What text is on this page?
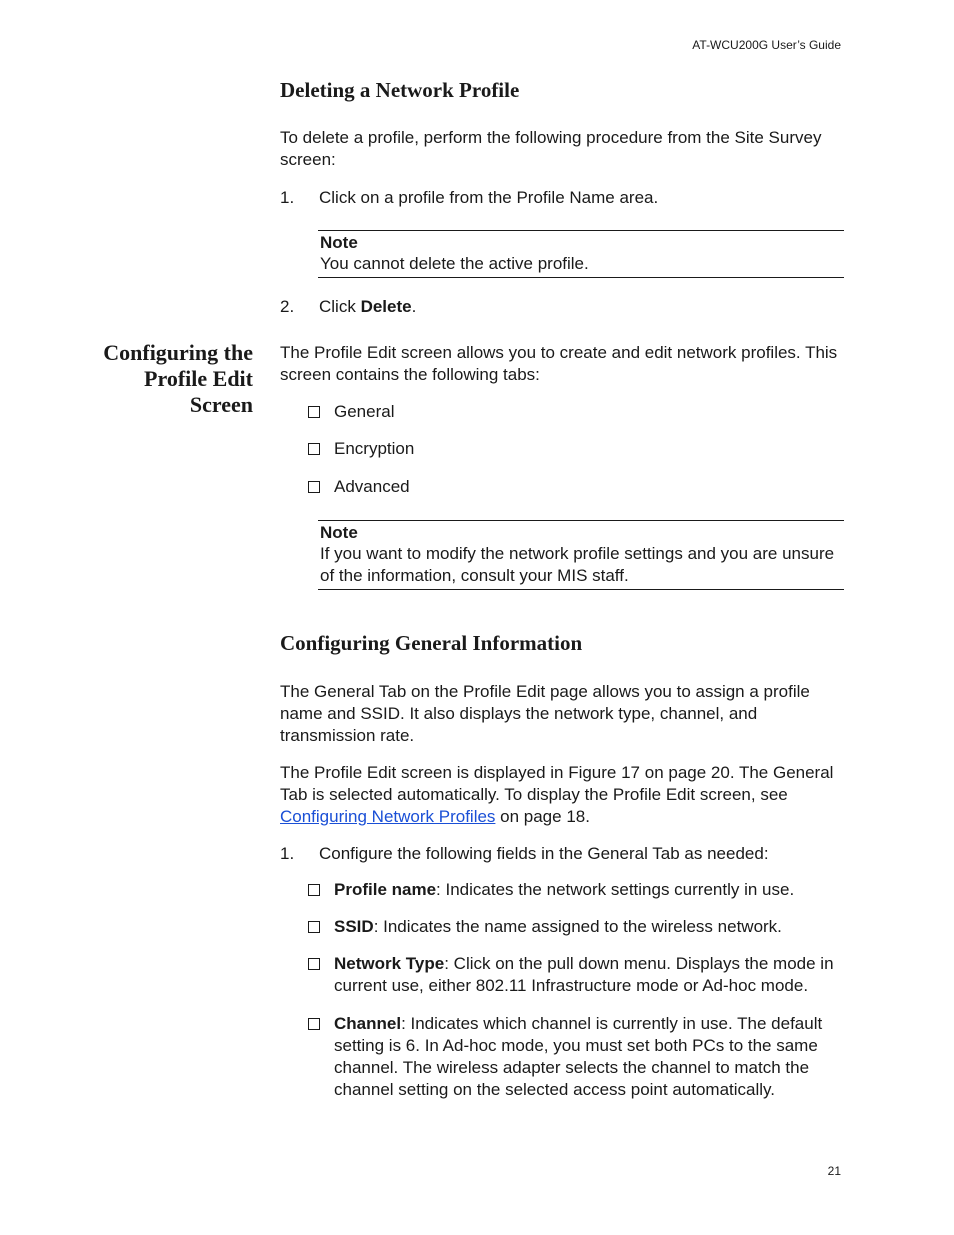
AT-WCU200G User’s Guide
Deleting a Network Profile
To delete a profile, perform the following procedure from the Site Survey screen:
1. Click on a profile from the Profile Name area.
Note
You cannot delete the active profile.
2. Click Delete.
Configuring the
Profile Edit
Screen
The Profile Edit screen allows you to create and edit network profiles. This screen contains the following tabs:
General
Encryption
Advanced
Note
If you want to modify the network profile settings and you are unsure of the information, consult your MIS staff.
Configuring General Information
The General Tab on the Profile Edit page allows you to assign a profile name and SSID. It also displays the network type, channel, and transmission rate.
The Profile Edit screen is displayed in Figure 17 on page 20. The General Tab is selected automatically. To display the Profile Edit screen, see Configuring Network Profiles on page 18.
1. Configure the following fields in the General Tab as needed:
Profile name: Indicates the network settings currently in use.
SSID: Indicates the name assigned to the wireless network.
Network Type: Click on the pull down menu. Displays the mode in current use, either 802.11 Infrastructure mode or Ad-hoc mode.
Channel: Indicates which channel is currently in use. The default setting is 6. In Ad-hoc mode, you must set both PCs to the same channel. The wireless adapter selects the channel to match the channel setting on the selected access point automatically.
21
